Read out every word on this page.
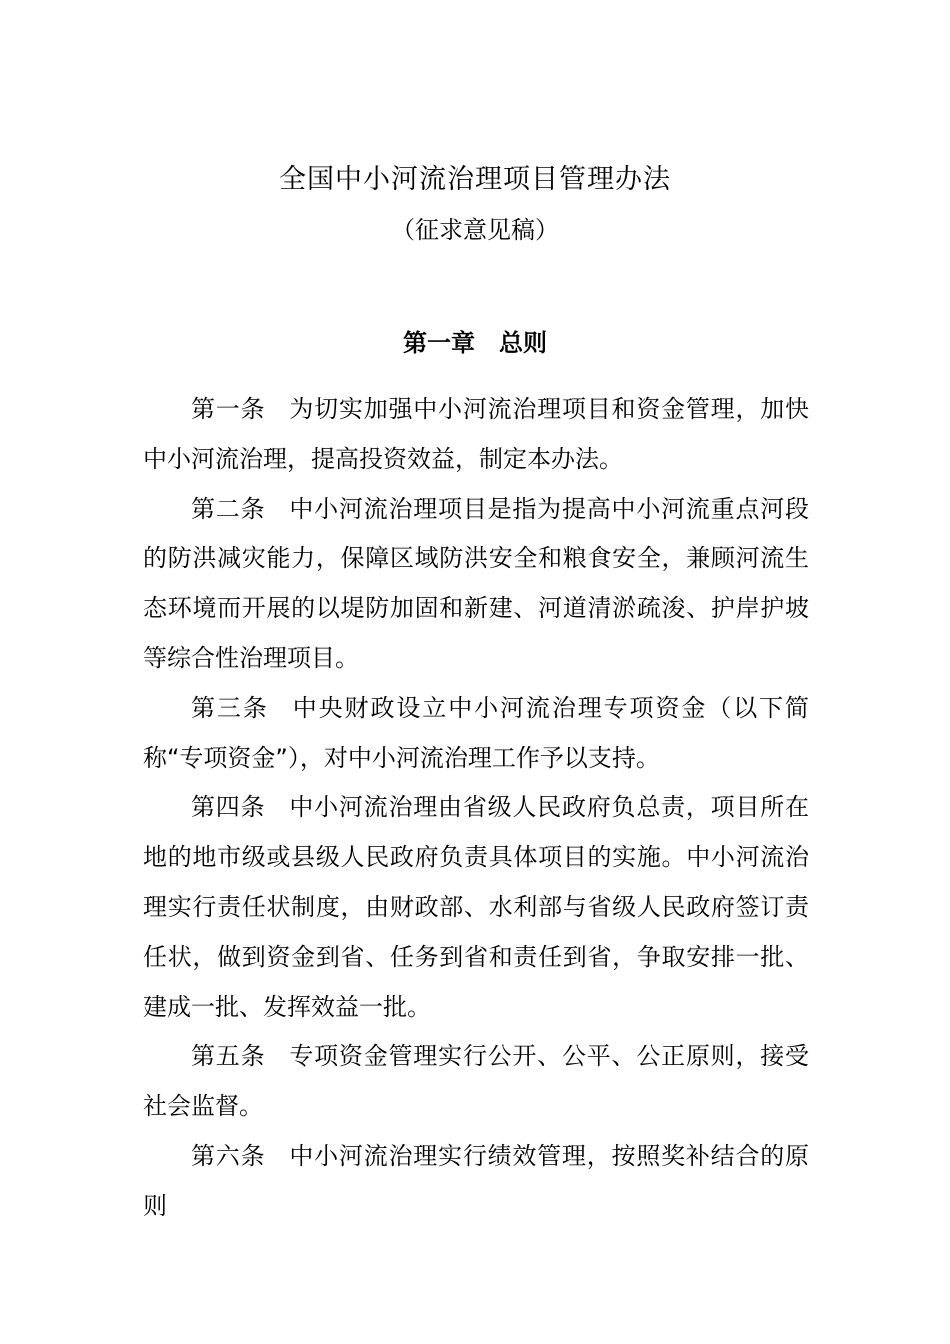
全国中小河流治理项目管理办法
（征求意见稿）
第一章 总则

第一条 为切实加强中小河流治理项目和资金管理，加快中小河流治理，提高投资效益，制定本办法。

第二条 中小河流治理项目是指为提高中小河流重点河段的防洪减灾能力，保障区域防洪安全和粮食安全，兼顾河流生态环境而开展的以堤防加固和新建、河道清淤疏浚、护岸护坡等综合性治理项目。

第三条 中央财政设立中小河流治理专项资金（以下简称“专项资金”），对中小河流治理工作予以支持。

第四条 中小河流治理由省级人民政府负总责，项目所在地的地市级或县级人民政府负责具体项目的实施。中小河流治理实行责任状制度，由财政部、水利部与省级人民政府签订责任状，做到资金到省、任务到省和责任到省，争取安排一批、建成一批、发挥效益一批。

第五条 专项资金管理实行公开、公平、公正原则，接受社会监督。

第六条 中小河流治理实行绩效管理，按照奖补结合的原则
